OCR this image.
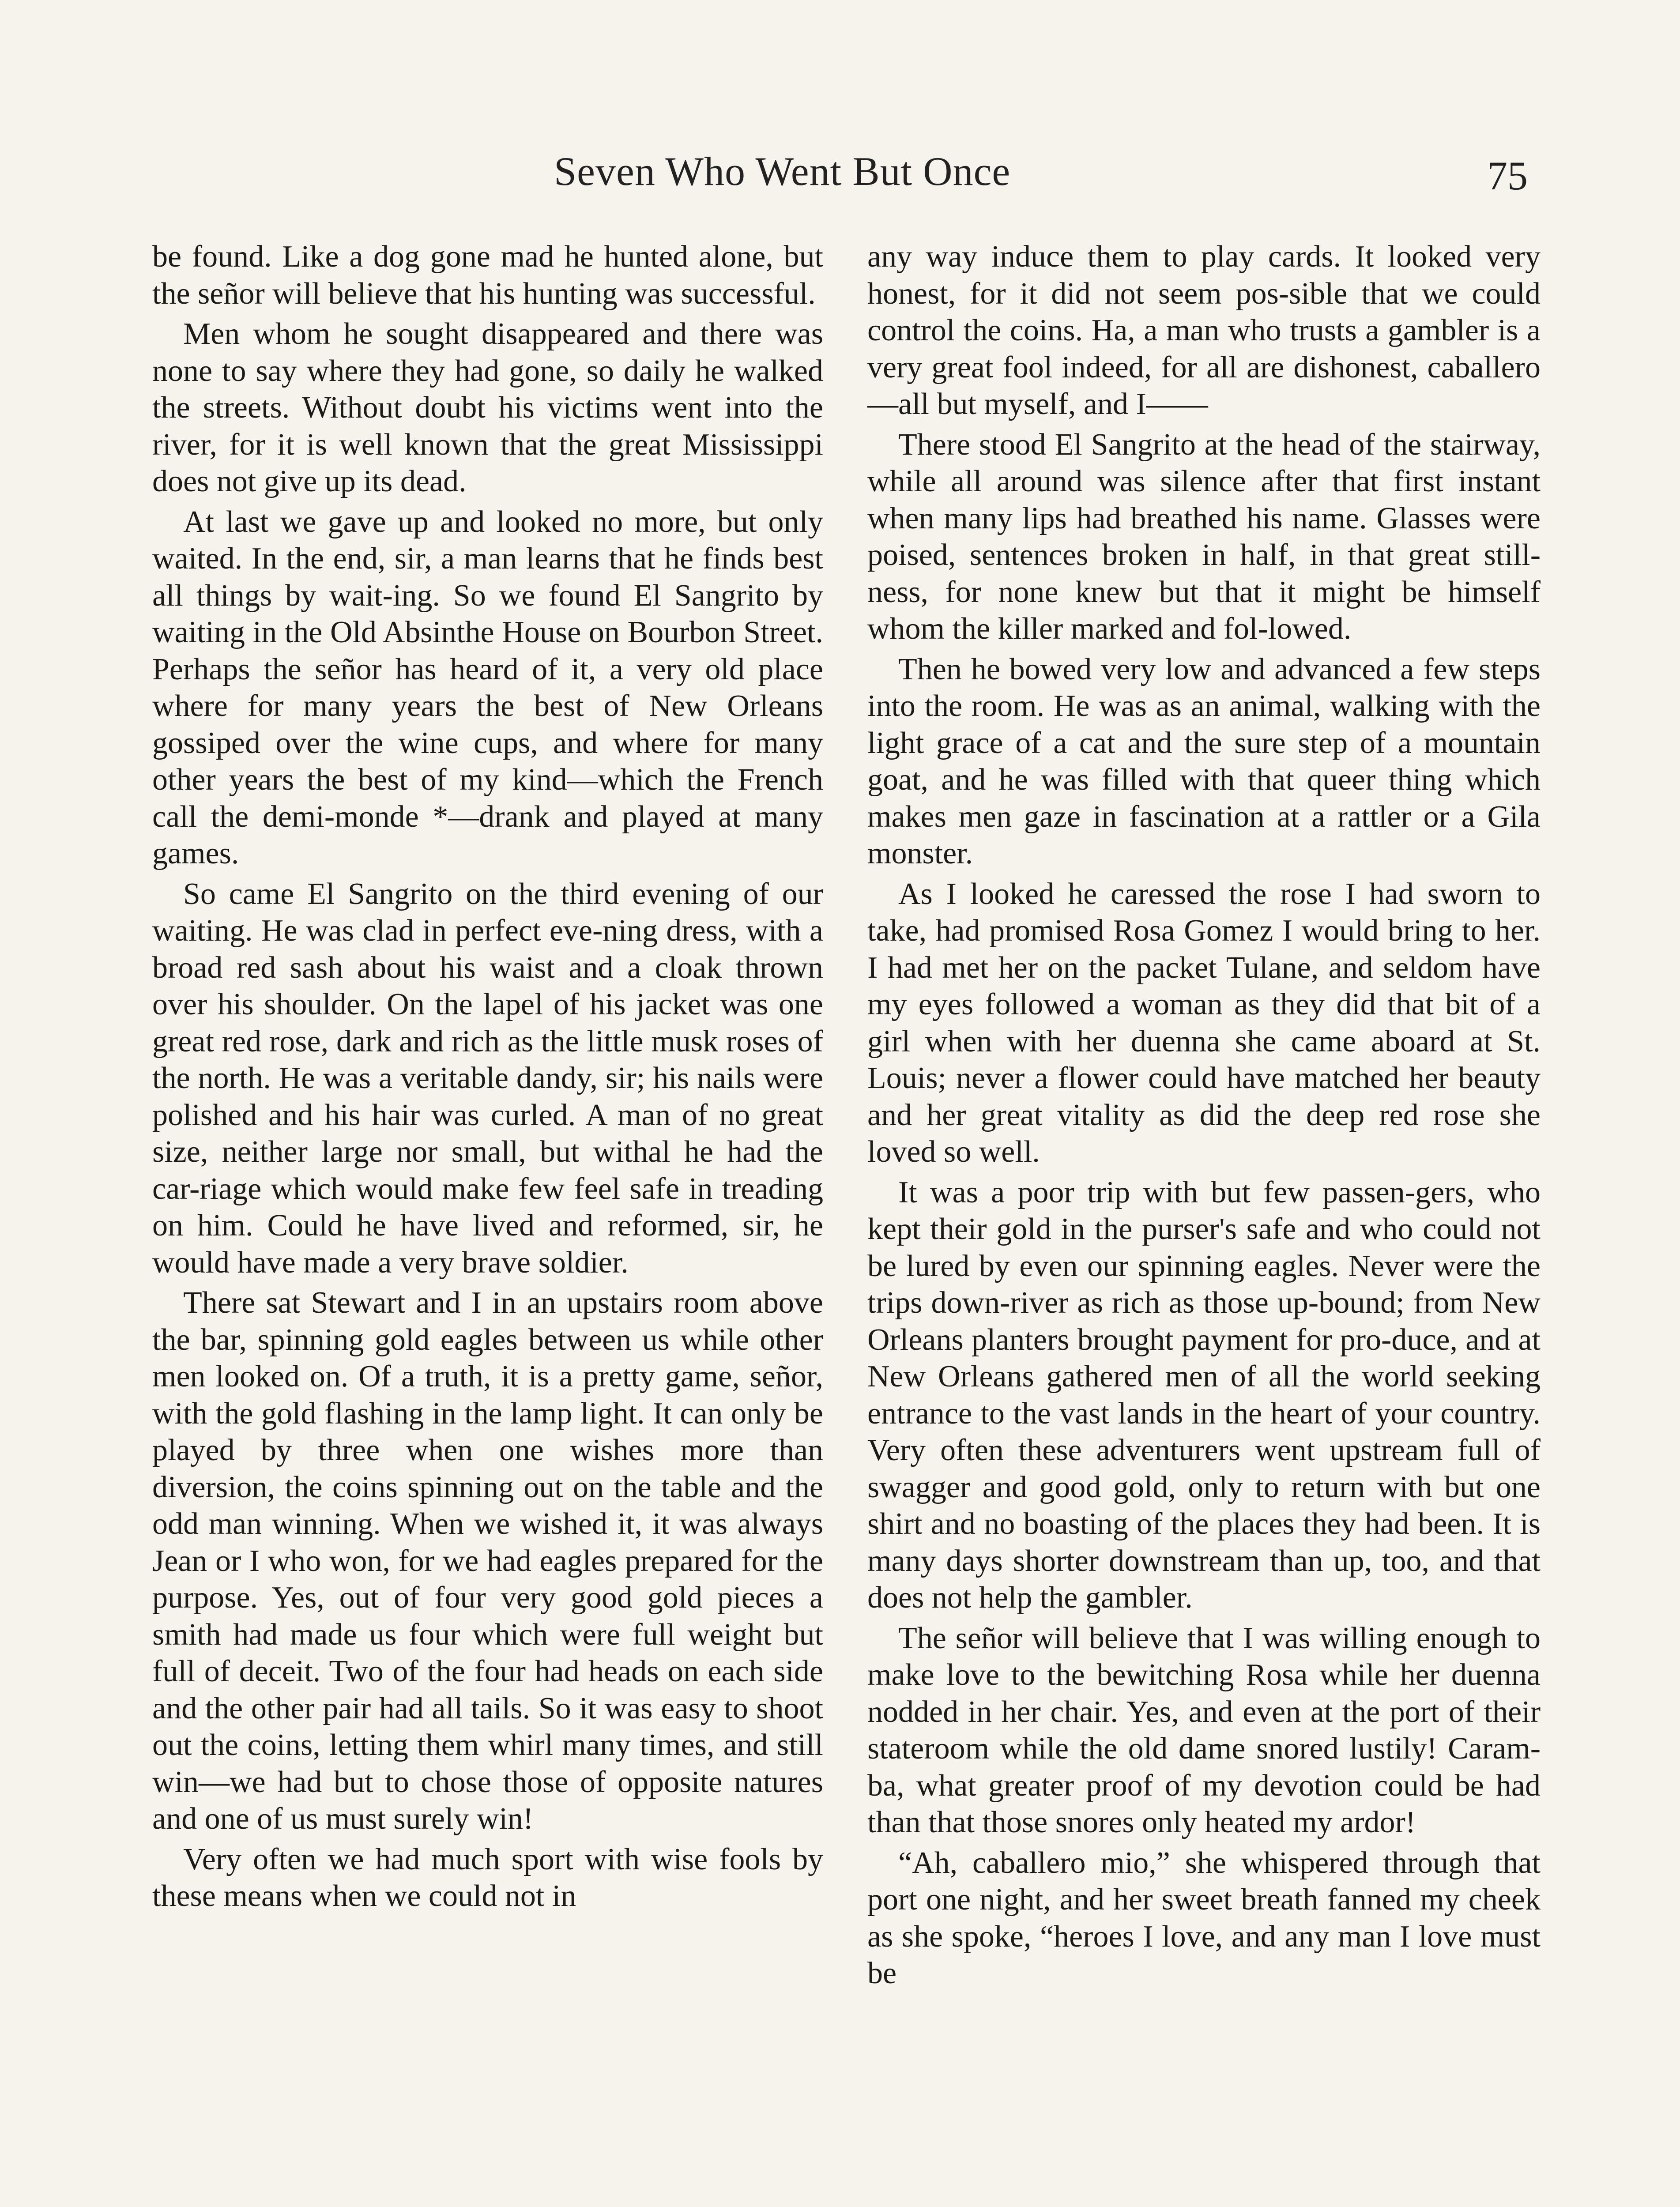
Seven Who Went But Once	75

be found. Like a dog gone mad he hunted alone, but the señor will believe that his hunting was successful.

Men whom he sought disappeared and there was none to say where they had gone, so daily he walked the streets. Without doubt his victims went into the river, for it is well known that the great Mississippi does not give up its dead.

At last we gave up and looked no more, but only waited. In the end, sir, a man learns that he finds best all things by wait-ing. So we found El Sangrito by waiting in the Old Absinthe House on Bourbon Street. Perhaps the señor has heard of it, a very old place where for many years the best of New Orleans gossiped over the wine cups, and where for many other years the best of my kind—which the French call the demi-monde *—drank and played at many games.

So came El Sangrito on the third evening of our waiting. He was clad in perfect eve-ning dress, with a broad red sash about his waist and a cloak thrown over his shoulder. On the lapel of his jacket was one great red rose, dark and rich as the little musk roses of the north. He was a veritable dandy, sir; his nails were polished and his hair was curled. A man of no great size, neither large nor small, but withal he had the car-riage which would make few feel safe in treading on him. Could he have lived and reformed, sir, he would have made a very brave soldier.

There sat Stewart and I in an upstairs room above the bar, spinning gold eagles between us while other men looked on. Of a truth, it is a pretty game, señor, with the gold flashing in the lamp light. It can only be played by three when one wishes more than diversion, the coins spinning out on the table and the odd man winning. When we wished it, it was always Jean or I who won, for we had eagles prepared for the purpose. Yes, out of four very good gold pieces a smith had made us four which were full weight but full of deceit. Two of the four had heads on each side and the other pair had all tails. So it was easy to shoot out the coins, letting them whirl many times, and still win—we had but to chose those of opposite natures and one of us must surely win!

Very often we had much sport with wise fools by these means when we could not in

any way induce them to play cards. It looked very honest, for it did not seem pos-sible that we could control the coins. Ha, a man who trusts a gambler is a very great fool indeed, for all are dishonest, caballero—all but myself, and I——

There stood El Sangrito at the head of the stairway, while all around was silence after that first instant when many lips had breathed his name. Glasses were poised, sentences broken in half, in that great still-ness, for none knew but that it might be himself whom the killer marked and fol-lowed.

Then he bowed very low and advanced a few steps into the room. He was as an animal, walking with the light grace of a cat and the sure step of a mountain goat, and he was filled with that queer thing which makes men gaze in fascination at a rattler or a Gila monster.

As I looked he caressed the rose I had sworn to take, had promised Rosa Gomez I would bring to her. I had met her on the packet Tulane, and seldom have my eyes followed a woman as they did that bit of a girl when with her duenna she came aboard at St. Louis; never a flower could have matched her beauty and her great vitality as did the deep red rose she loved so well.

It was a poor trip with but few passen-gers, who kept their gold in the purser's safe and who could not be lured by even our spinning eagles. Never were the trips down-river as rich as those up-bound; from New Orleans planters brought payment for pro-duce, and at New Orleans gathered men of all the world seeking entrance to the vast lands in the heart of your country. Very often these adventurers went upstream full of swagger and good gold, only to return with but one shirt and no boasting of the places they had been. It is many days shorter downstream than up, too, and that does not help the gambler.

The señor will believe that I was willing enough to make love to the bewitching Rosa while her duenna nodded in her chair. Yes, and even at the port of their stateroom while the old dame snored lustily! Caram-ba, what greater proof of my devotion could be had than that those snores only heated my ardor!

“Ah, caballero mio,” she whispered through that port one night, and her sweet breath fanned my cheek as she spoke, “heroes I love, and any man I love must be
